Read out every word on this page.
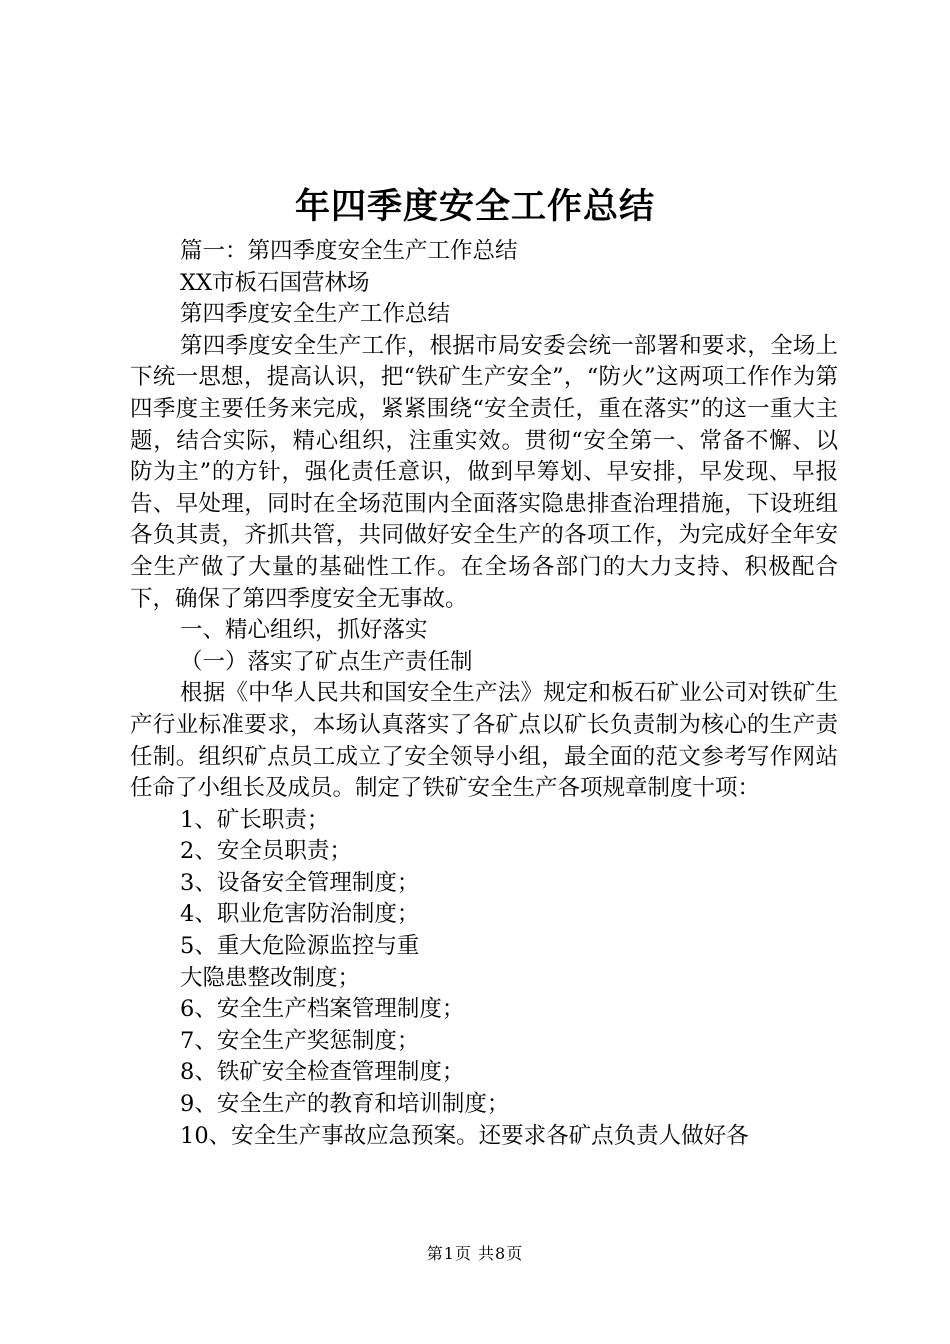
年四季度安全工作总结

篇一：第四季度安全生产工作总结

XX市板石国营林场

第四季度安全生产工作总结

第四季度安全生产工作，根据市局安委会统一部署和要求，全场上下统一思想，提高认识，把“铁矿生产安全”，“防火”这两项工作作为第四季度主要任务来完成，紧紧围绕“安全责任，重在落实”的这一重大主题，结合实际，精心组织，注重实效。贯彻“安全第一、常备不懈、以防为主”的方针，强化责任意识，做到早筹划、早安排，早发现、早报告、早处理，同时在全场范围内全面落实隐患排查治理措施，下设班组各负其责，齐抓共管，共同做好安全生产的各项工作，为完成好全年安全生产做了大量的基础性工作。在全场各部门的大力支持、积极配合下，确保了第四季度安全无事故。

一、精心组织，抓好落实

（一）落实了矿点生产责任制

根据《中华人民共和国安全生产法》规定和板石矿业公司对铁矿生产行业标准要求，本场认真落实了各矿点以矿长负责制为核心的生产责任制。组织矿点员工成立了安全领导小组，最全面的范文参考写作网站任命了小组长及成员。制定了铁矿安全生产各项规章制度十项：

1、矿长职责；

2、安全员职责；

3、设备安全管理制度；

4、职业危害防治制度；

5、重大危险源监控与重

大隐患整改制度；

6、安全生产档案管理制度；

7、安全生产奖惩制度；

8、铁矿安全检查管理制度；

9、安全生产的教育和培训制度；

10、安全生产事故应急预案。还要求各矿点负责人做好各

第1页 共8页
